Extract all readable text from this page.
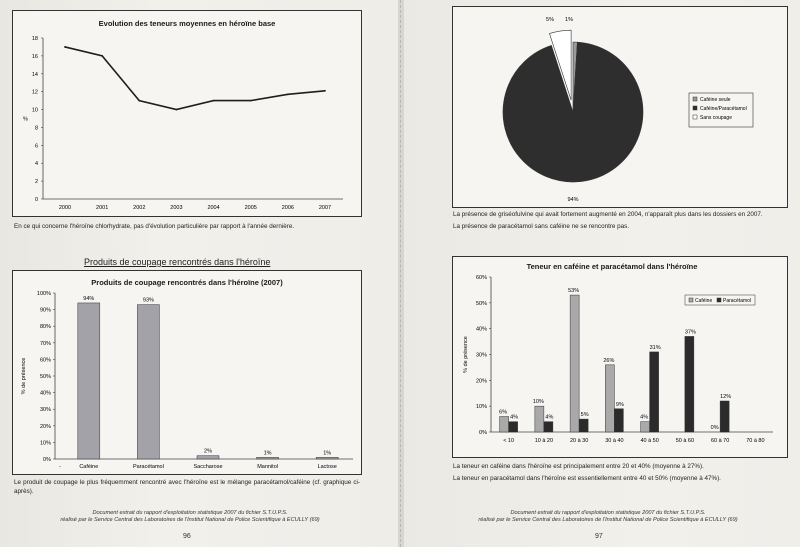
Evolution des teneurs moyennes en héroïne base
0
2
4
6
8
10
12
14
16
18
%
2000	2001	2002	2003	2004	2005	2006	2007
En ce qui concerne l'héroïne chlorhydrate, pas d'évolution particulière par rapport à l'année dernière.
Produits de coupage rencontrés dans l'héroïne
Produits de coupage rencontrés dans l'héroïne (2007)
0%
10%
20%
30%
40%
50%
60%
70%
80%
90%
100%
% de présence
-
94%
Caféine
93%
Paracétamol
2%
Saccharose
1%
Mannitol
1%
Lactose
Le produit de coupage le plus fréquemment rencontré avec l'héroïne est le mélange paracétamol/caféine (cf. graphique ci-après).
Document extrait du rapport d'exploitation statistique 2007 du fichier S.T.U.P.S.
réalisé par le Service Central des Laboratoires de l'Institut National de Police Scientifique à ECULLY (69)
96
1%
94%
5%
Caféine seule
Caféine/Paracétamol
Sans coupage
La présence de griséofulvine qui avait fortement augmenté en 2004, n'apparaît plus dans les dossiers en 2007.
La présence de paracétamol sans caféine ne se rencontre pas.
Teneur en caféine et paracétamol dans l'héroïne
0%
10%
20%
30%
40%
50%
60%
% de présence
< 10
6%
4%
10 à 20
10%
4%
20 à 30
53%
5%
30 à 40
26%
9%
40 à 50
4%
31%
50 à 60
37%
60 à 70
0%
12%
70 à 80
Caféine Paracétamol
La teneur en caféine dans l'héroïne est principalement entre 20 et 40% (moyenne à 27%).
La teneur en paracétamol dans l'héroïne est essentiellement entre 40 et 50% (moyenne à 47%).
Document extrait du rapport d'exploitation statistique 2007 du fichier S.T.U.P.S.
réalisé par le Service Central des Laboratoires de l'Institut National de Police Scientifique à ECULLY (69)
97
